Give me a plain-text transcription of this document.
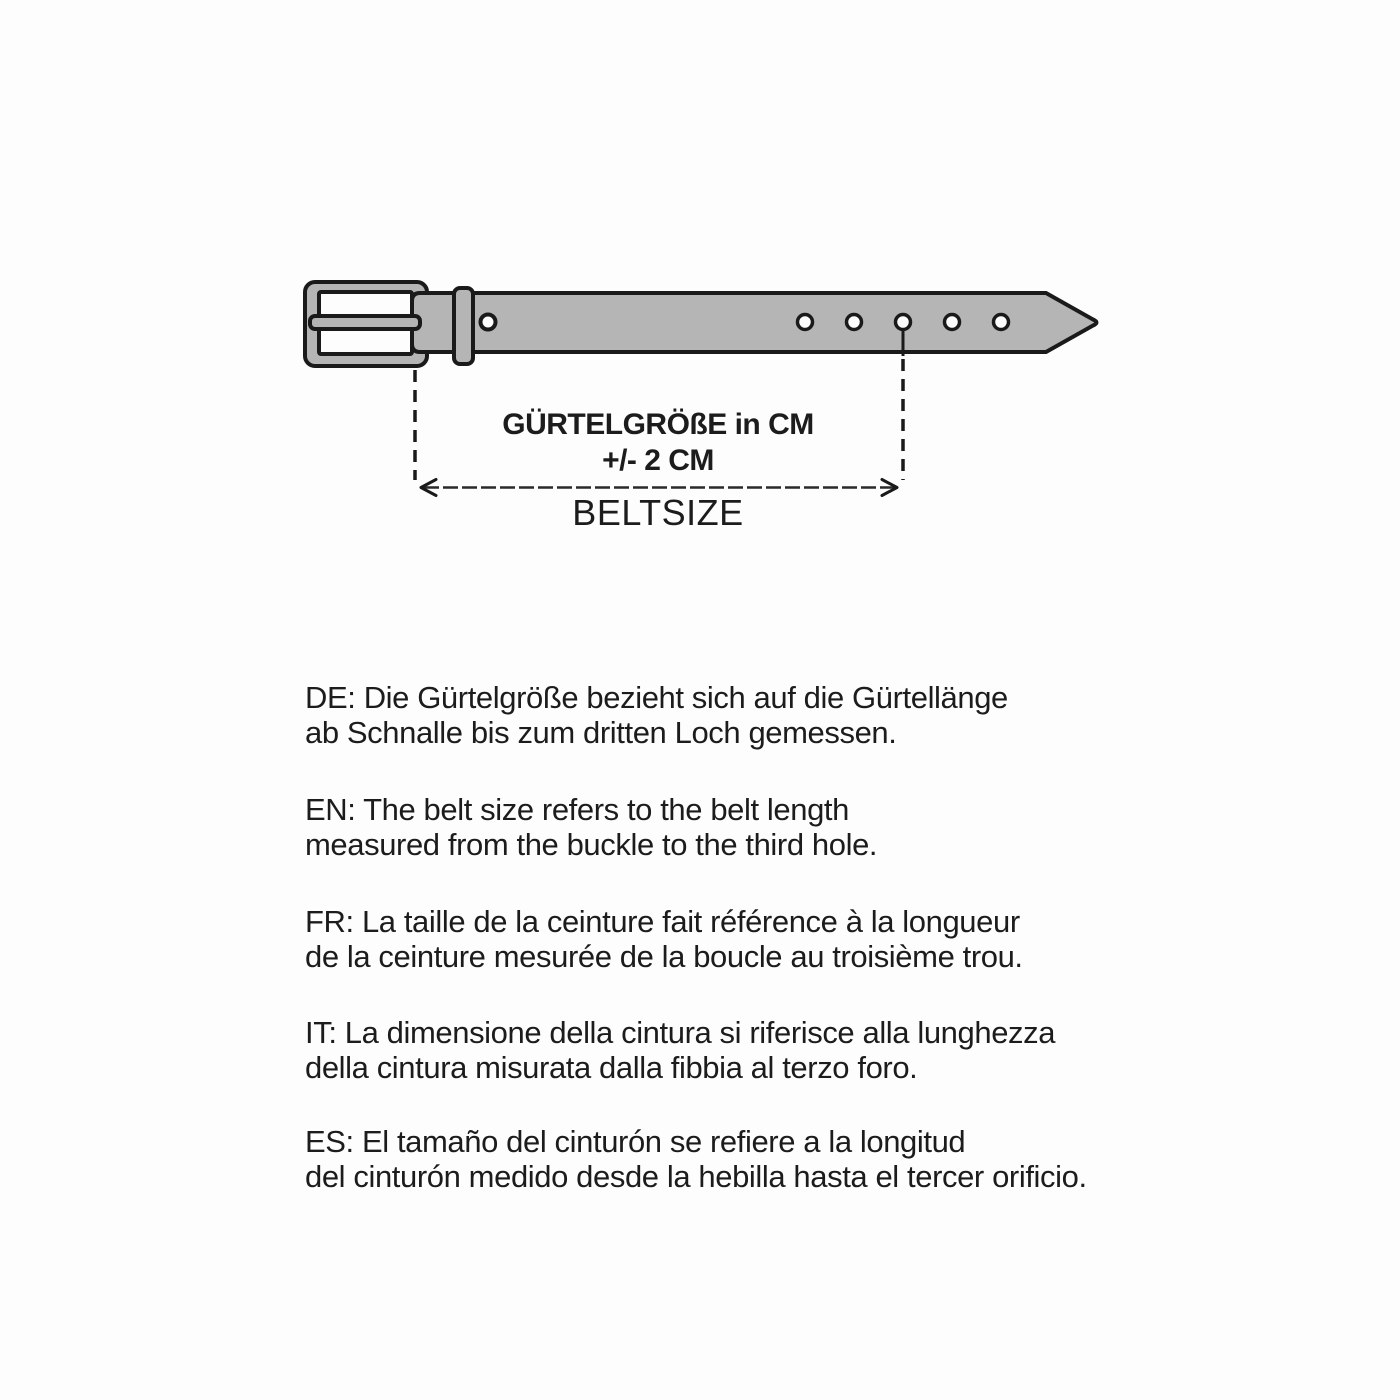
GÜRTELGRÖßE in CM
+/- 2 CM
BELTSIZE
DE: Die Gürtelgröße bezieht sich auf die Gürtellänge
ab Schnalle bis zum dritten Loch gemessen.
EN: The belt size refers to the belt length
measured from the buckle to the third hole.
FR: La taille de la ceinture fait référence à la longueur
de la ceinture mesurée de la boucle au troisième trou.
IT: La dimensione della cintura si riferisce alla lunghezza
della cintura misurata dalla fibbia al terzo foro.
ES: El tamaño del cinturón se refiere a la longitud
del cinturón medido desde la hebilla hasta el tercer orificio.
